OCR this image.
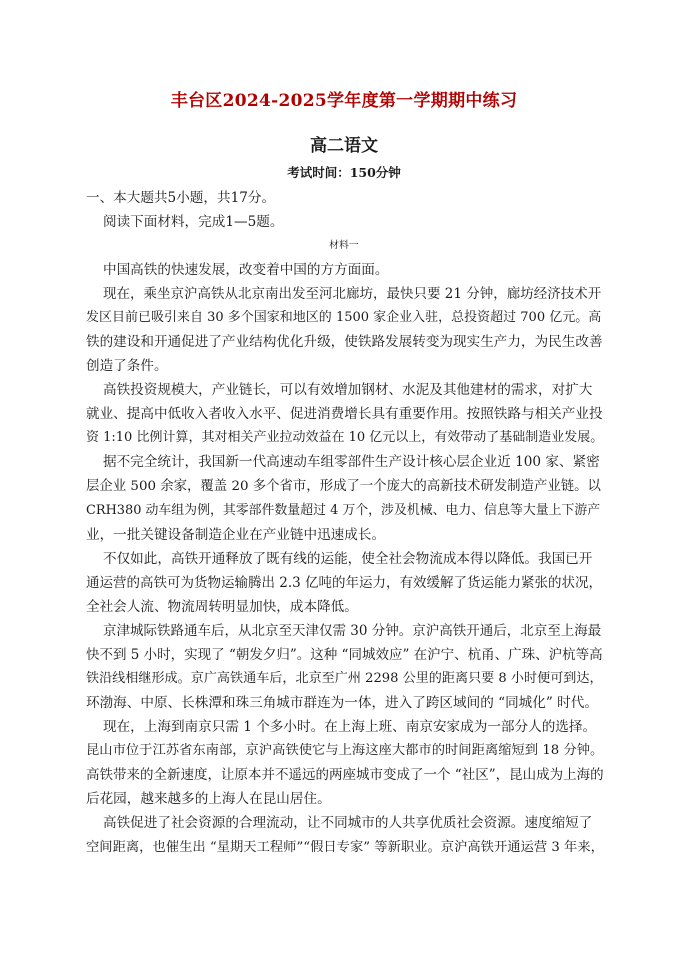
丰台区2024-2025学年度第一学期期中练习
高二语文
考试时间：150分钟
一、本大题共5小题，共17分。
阅读下面材料，完成1—5题。
材料一
中国高铁的快速发展，改变着中国的方方面面。
现在，乘坐京沪高铁从北京南出发至河北廊坊，最快只要 21 分钟，廊坊经济技术开
发区目前已吸引来自 30 多个国家和地区的 1500 家企业入驻，总投资超过 700 亿元。高
铁的建设和开通促进了产业结构优化升级，使铁路发展转变为现实生产力，为民生改善
创造了条件。
高铁投资规模大，产业链长，可以有效增加钢材、水泥及其他建材的需求，对扩大
就业、提高中低收入者收入水平、促进消费增长具有重要作用。按照铁路与相关产业投
资 1:10 比例计算，其对相关产业拉动效益在 10 亿元以上，有效带动了基础制造业发展。
据不完全统计，我国新一代高速动车组零部件生产设计核心层企业近 100 家、紧密
层企业 500 余家，覆盖 20 多个省市，形成了一个庞大的高新技术研发制造产业链。以
CRH380 动车组为例，其零部件数量超过 4 万个，涉及机械、电力、信息等大量上下游产
业，一批关键设备制造企业在产业链中迅速成长。
不仅如此，高铁开通释放了既有线的运能，使全社会物流成本得以降低。我国已开
通运营的高铁可为货物运输腾出 2.3 亿吨的年运力，有效缓解了货运能力紧张的状况，
全社会人流、物流周转明显加快，成本降低。
京津城际铁路通车后，从北京至天津仅需 30 分钟。京沪高铁开通后，北京至上海最
快不到 5 小时，实现了 “朝发夕归”。这种 “同城效应” 在沪宁、杭甬、广珠、沪杭等高
铁沿线相继形成。京广高铁通车后，北京至广州 2298 公里的距离只要 8 小时便可到达，
环渤海、中原、长株潭和珠三角城市群连为一体，进入了跨区域间的 “同城化” 时代。
现在，上海到南京只需 1 个多小时。在上海上班、南京安家成为一部分人的选择。
昆山市位于江苏省东南部，京沪高铁使它与上海这座大都市的时间距离缩短到 18 分钟。
高铁带来的全新速度，让原本并不遥远的两座城市变成了一个 “社区”，昆山成为上海的
后花园，越来越多的上海人在昆山居住。
高铁促进了社会资源的合理流动，让不同城市的人共享优质社会资源。速度缩短了
空间距离，也催生出 “星期天工程师”“假日专家” 等新职业。京沪高铁开通运营 3 年来，
